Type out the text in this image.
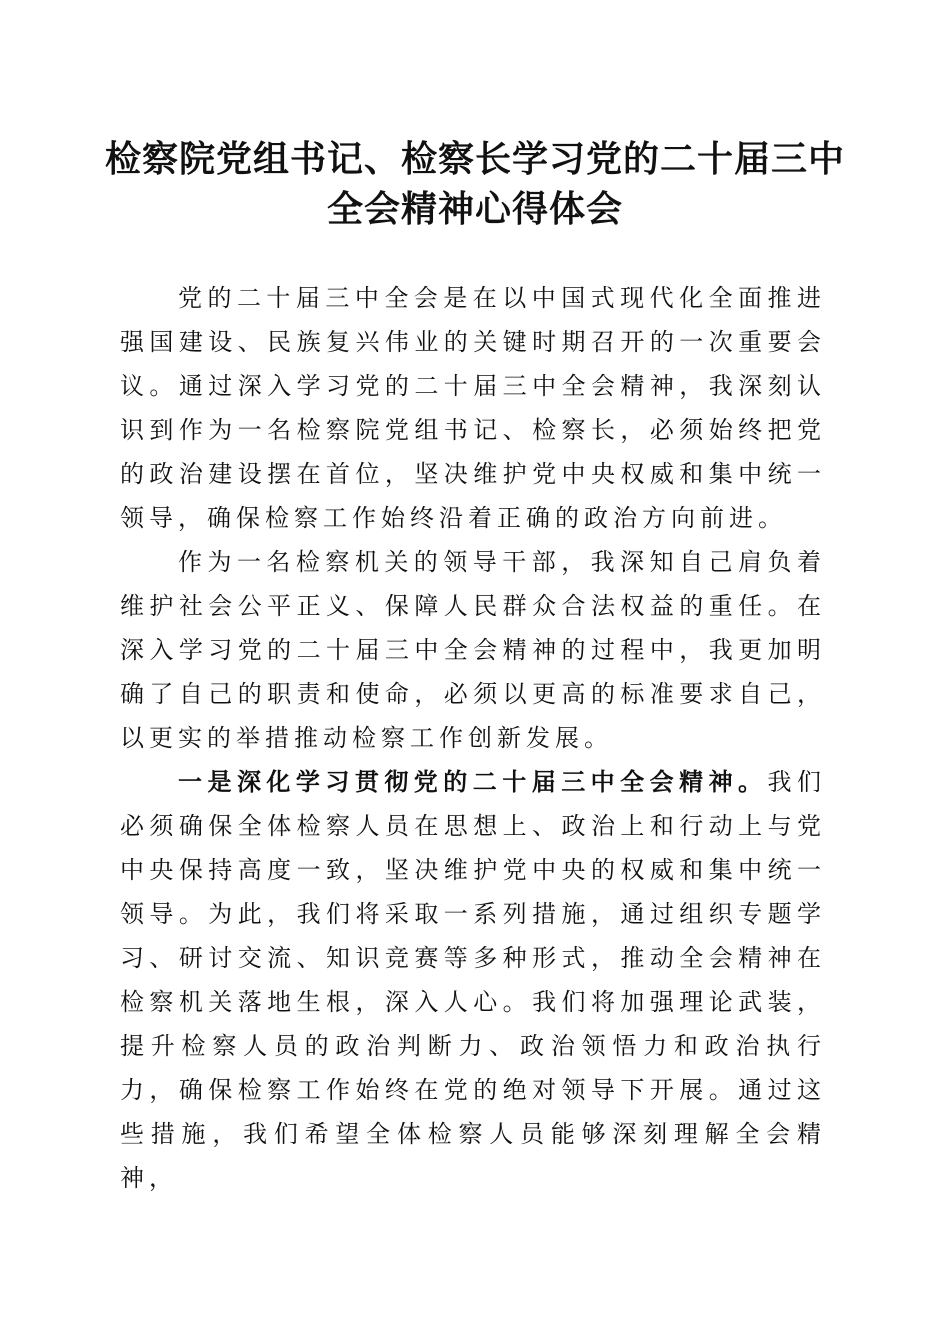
检察院党组书记、检察长学习党的二十届三中
全会精神心得体会

党的二十届三中全会是在以中国式现代化全面推进强国建设、民族复兴伟业的关键时期召开的一次重要会议。通过深入学习党的二十届三中全会精神，我深刻认识到作为一名检察院党组书记、检察长，必须始终把党的政治建设摆在首位，坚决维护党中央权威和集中统一领导，确保检察工作始终沿着正确的政治方向前进。

作为一名检察机关的领导干部，我深知自己肩负着维护社会公平正义、保障人民群众合法权益的重任。在深入学习党的二十届三中全会精神的过程中，我更加明确了自己的职责和使命，必须以更高的标准要求自己，以更实的举措推动检察工作创新发展。

一是深化学习贯彻党的二十届三中全会精神。我们必须确保全体检察人员在思想上、政治上和行动上与党中央保持高度一致，坚决维护党中央的权威和集中统一领导。为此，我们将采取一系列措施，通过组织专题学习、研讨交流、知识竞赛等多种形式，推动全会精神在检察机关落地生根，深入人心。我们将加强理论武装，提升检察人员的政治判断力、政治领悟力和政治执行力，确保检察工作始终在党的绝对领导下开展。通过这些措施，我们希望全体检察人员能够深刻理解全会精神，
